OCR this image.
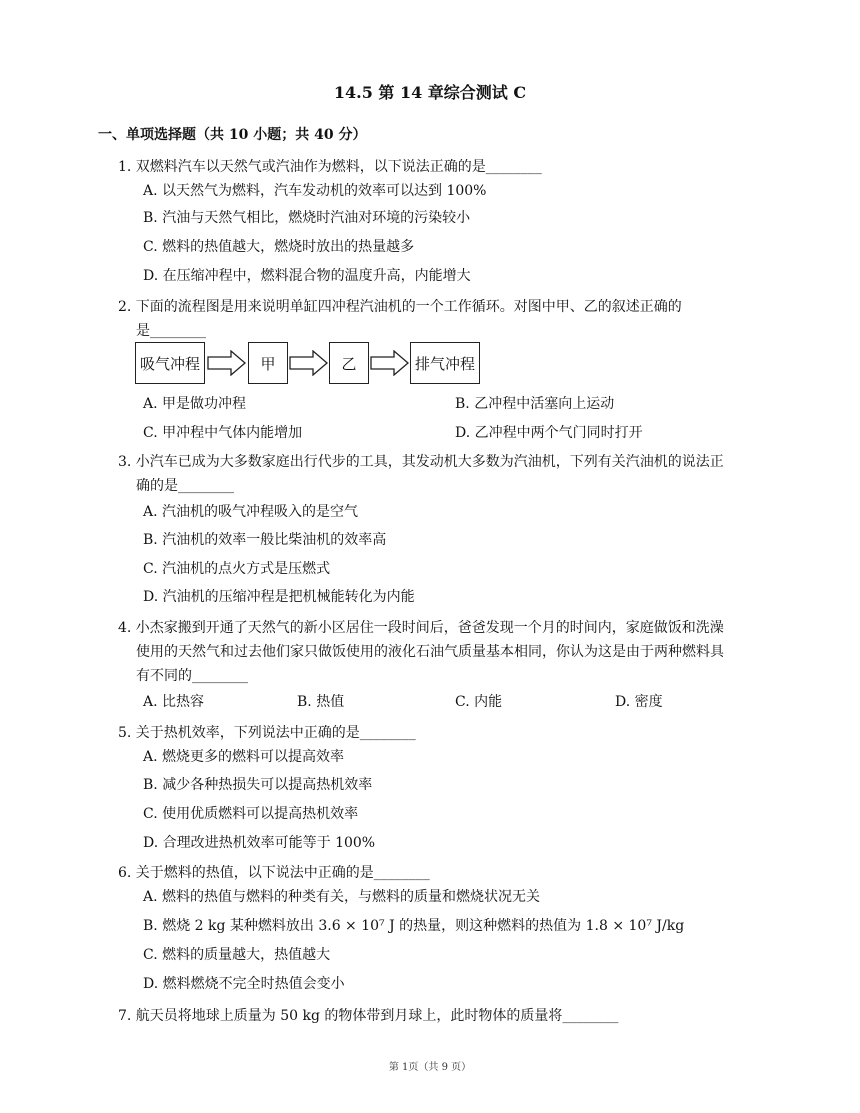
14.5 第 14 章综合测试 C
一、单项选择题（共 10 小题；共 40 分）
1. 双燃料汽车以天然气或汽油作为燃料，以下说法正确的是________
A. 以天然气为燃料，汽车发动机的效率可以达到 100%
B. 汽油与天然气相比，燃烧时汽油对环境的污染较小
C. 燃料的热值越大，燃烧时放出的热量越多
D. 在压缩冲程中，燃料混合物的温度升高，内能增大
2. 下面的流程图是用来说明单缸四冲程汽油机的一个工作循环。对图中甲、乙的叙述正确的
是________
吸气冲程	甲	乙	排气冲程
A. 甲是做功冲程	B. 乙冲程中活塞向上运动
C. 甲冲程中气体内能增加	D. 乙冲程中两个气门同时打开
3. 小汽车已成为大多数家庭出行代步的工具，其发动机大多数为汽油机，下列有关汽油机的说法正
确的是________
A. 汽油机的吸气冲程吸入的是空气
B. 汽油机的效率一般比柴油机的效率高
C. 汽油机的点火方式是压燃式
D. 汽油机的压缩冲程是把机械能转化为内能
4. 小杰家搬到开通了天然气的新小区居住一段时间后，爸爸发现一个月的时间内，家庭做饭和洗澡
使用的天然气和过去他们家只做饭使用的液化石油气质量基本相同，你认为这是由于两种燃料具
有不同的________
A. 比热容	B. 热值	C. 内能	D. 密度
5. 关于热机效率，下列说法中正确的是________
A. 燃烧更多的燃料可以提高效率
B. 减少各种热损失可以提高热机效率
C. 使用优质燃料可以提高热机效率
D. 合理改进热机效率可能等于 100%
6. 关于燃料的热值，以下说法中正确的是________
A. 燃料的热值与燃料的种类有关，与燃料的质量和燃烧状况无关
B. 燃烧 2 kg 某种燃料放出 3.6 × 10⁷ J 的热量，则这种燃料的热值为 1.8 × 10⁷ J/kg
C. 燃料的质量越大，热值越大
D. 燃料燃烧不完全时热值会变小
7. 航天员将地球上质量为 50 kg 的物体带到月球上，此时物体的质量将________
第 1页（共 9 页）
